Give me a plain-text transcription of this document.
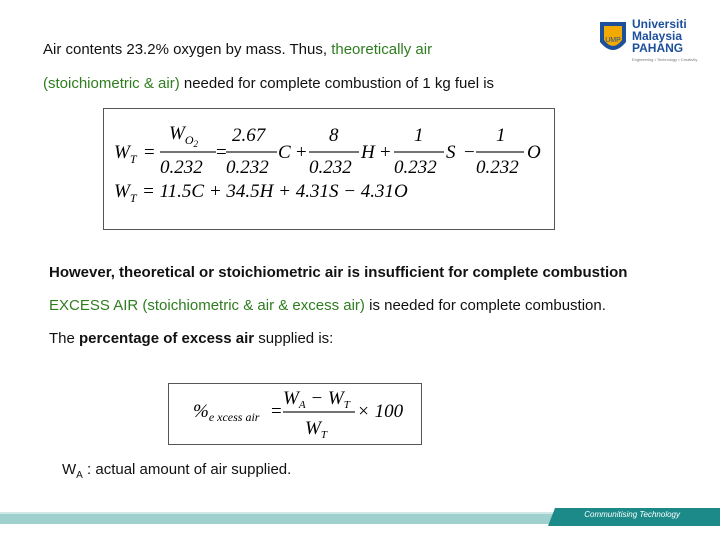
UMP
Universiti
Malaysia
PAHANG
Engineering • Technology • Creativity
Air contents 23.2% oxygen by mass. Thus, theoretically air
(stoichiometric & air) needed for complete combustion of 1 kg fuel is
$W_T$ =
$W_O2$
0.232
=
2.67
0.232
C +
8
0.232
H +
1
0.232
S −
1
0.232
O
$W_T = 11.5C + 34.5H + 4.31S - 4.31O$
However, theoretical or stoichiometric air is insufficient for complete combustion
EXCESS AIR (stoichiometric & air & excess air) is needed for complete combustion.
The percentage of excess air supplied is:
$\%_{e xcess air}$ =
$W_A - W_T$
$W_T$
× 100
$W_A$ : actual amount of air supplied.
Communitising Technology
